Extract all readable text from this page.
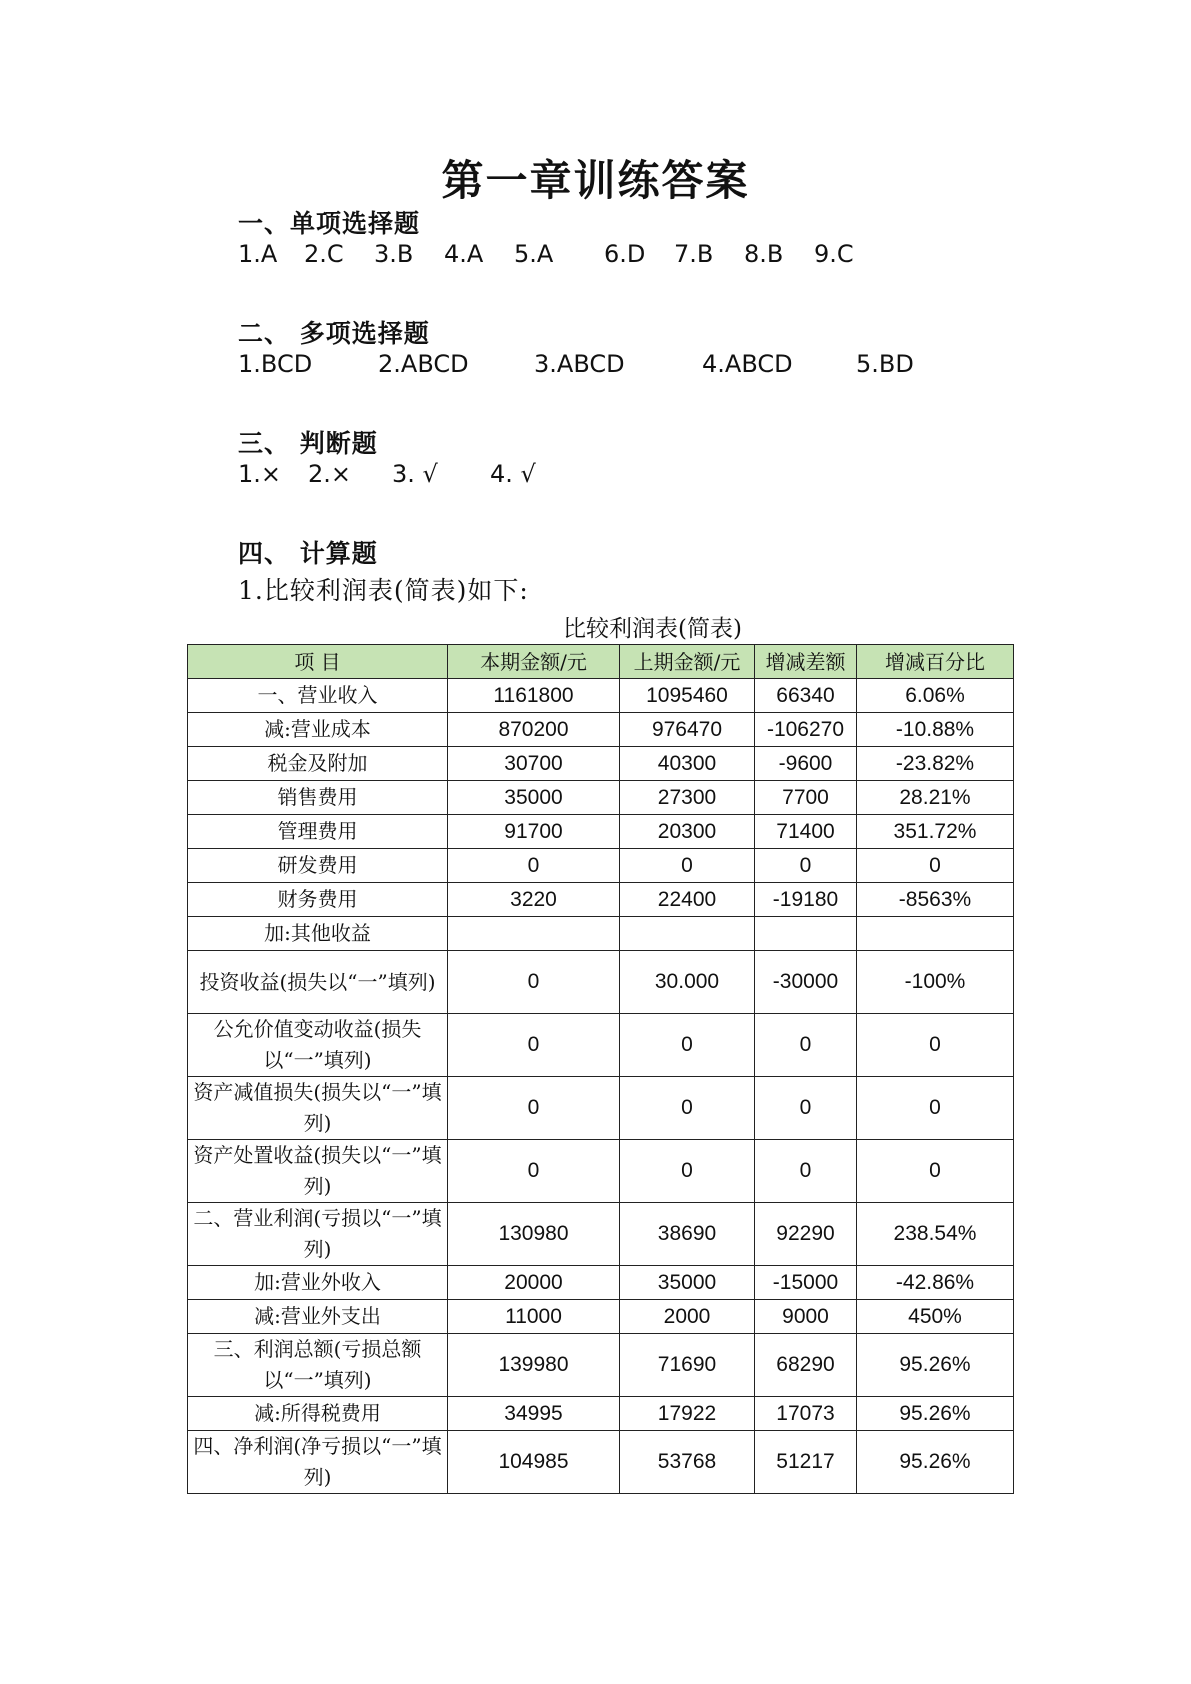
第一章训练答案
一、单项选择题
1.A 2.C 3.B 4.A 5.A 6.D 7.B 8.B 9.C
二、 多项选择题
1.BCD	2.ABCD	3.ABCD	4.ABCD	5.BD
三、 判断题
1.× 2.× 3. √ 4. √
四、 计算题
1.比较利润表(简表)如下:
比较利润表(简表)
项 目	本期金额/元	上期金额/元	增减差额	增减百分比
一、营业收入	1161800	1095460	66340	6.06%
减:营业成本	870200	976470	-106270	-10.88%
税金及附加	30700	40300	-9600	-23.82%
销售费用	35000	27300	7700	28.21%
管理费用	91700	20300	71400	351.72%
研发费用	0	0	0	0
财务费用	3220	22400	-19180	-8563%
加:其他收益				
投资收益(损失以“一”填列)	0	30.000	-30000	-100%
公允价值变动收益(损失以“一”填列)	0	0	0	0
资产减值损失(损失以“一”填列)	0	0	0	0
资产处置收益(损失以“一”填列)	0	0	0	0
二、营业利润(亏损以“一”填列)	130980	38690	92290	238.54%
加:营业外收入	20000	35000	-15000	-42.86%
减:营业外支出	11000	2000	9000	450%
三、利润总额(亏损总额以“一”填列)	139980	71690	68290	95.26%
减:所得税费用	34995	17922	17073	95.26%
四、净利润(净亏损以“一”填列)	104985	53768	51217	95.26%
